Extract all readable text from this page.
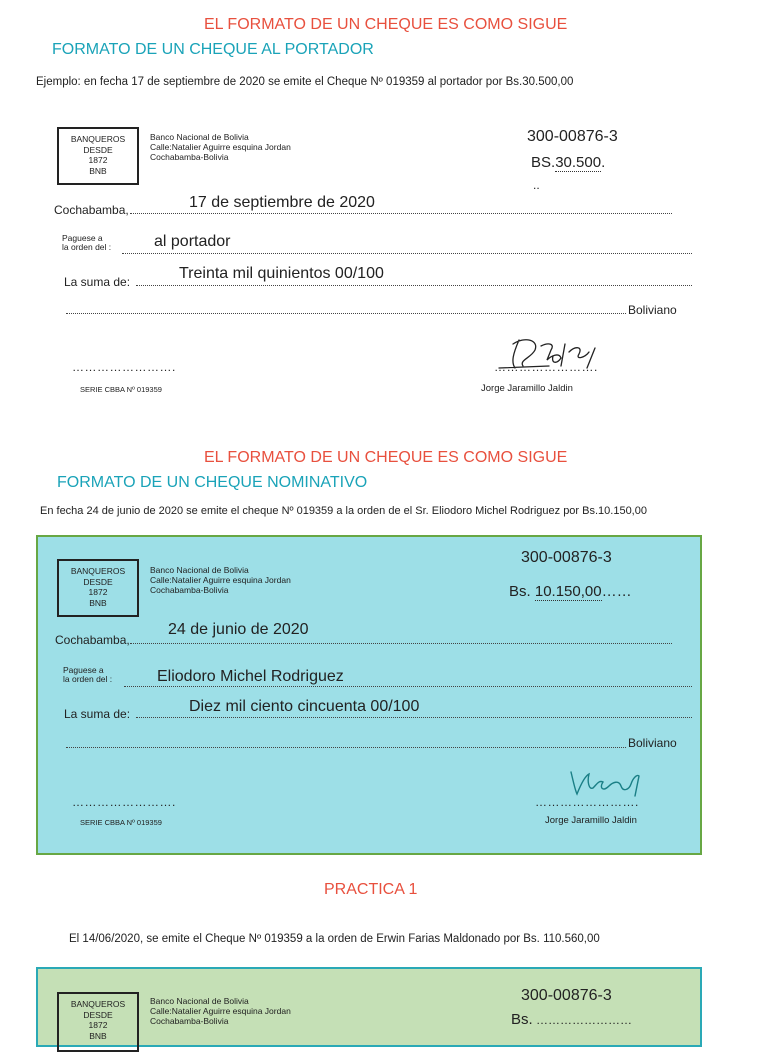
EL FORMATO DE UN CHEQUE ES COMO SIGUE
FORMATO DE UN CHEQUE AL PORTADOR
Ejemplo: en fecha 17 de septiembre de 2020 se emite el Cheque Nº 019359 al portador por Bs.30.500,00
BANQUEROS
DESDE
1872
BNB
Banco Nacional de Bolivia
Calle:Natalier Aguirre esquina Jordan
Cochabamba-Bolivia
300-00876-3
BS.30.500.
..
Cochabamba,	17 de septiembre de 2020
Paguese a
la orden del :	al portador
La suma de:	Treinta mil quinientos 00/100
Boliviano
…………………….
SERIE CBBA Nº 019359
…………………….
Jorge Jaramillo Jaldin
EL FORMATO DE UN CHEQUE ES COMO SIGUE
FORMATO DE UN CHEQUE NOMINATIVO
En fecha 24 de junio de 2020 se emite el cheque Nº 019359 a la orden de el Sr. Eliodoro Michel Rodriguez por Bs.10.150,00
BANQUEROS
DESDE
1872
BNB
Banco Nacional de Bolivia
Calle:Natalier Aguirre esquina Jordan
Cochabamba-Bolivia
300-00876-3
Bs. 10.150,00……
Cochabamba,
24 de junio de 2020
Paguese a
la orden del :	Eliodoro Michel Rodriguez
La suma de:	Diez mil ciento cincuenta 00/100
Boliviano
…………………….
SERIE CBBA Nº 019359
…………………….
Jorge Jaramillo Jaldin
PRACTICA 1
El 14/06/2020, se emite el Cheque Nº 019359 a la orden de Erwin Farias Maldonado por Bs. 110.560,00
BANQUEROS
DESDE
1872
BNB
Banco Nacional de Bolivia
Calle:Natalier Aguirre esquina Jordan
Cochabamba-Bolivia
300-00876-3
Bs. ……………………
